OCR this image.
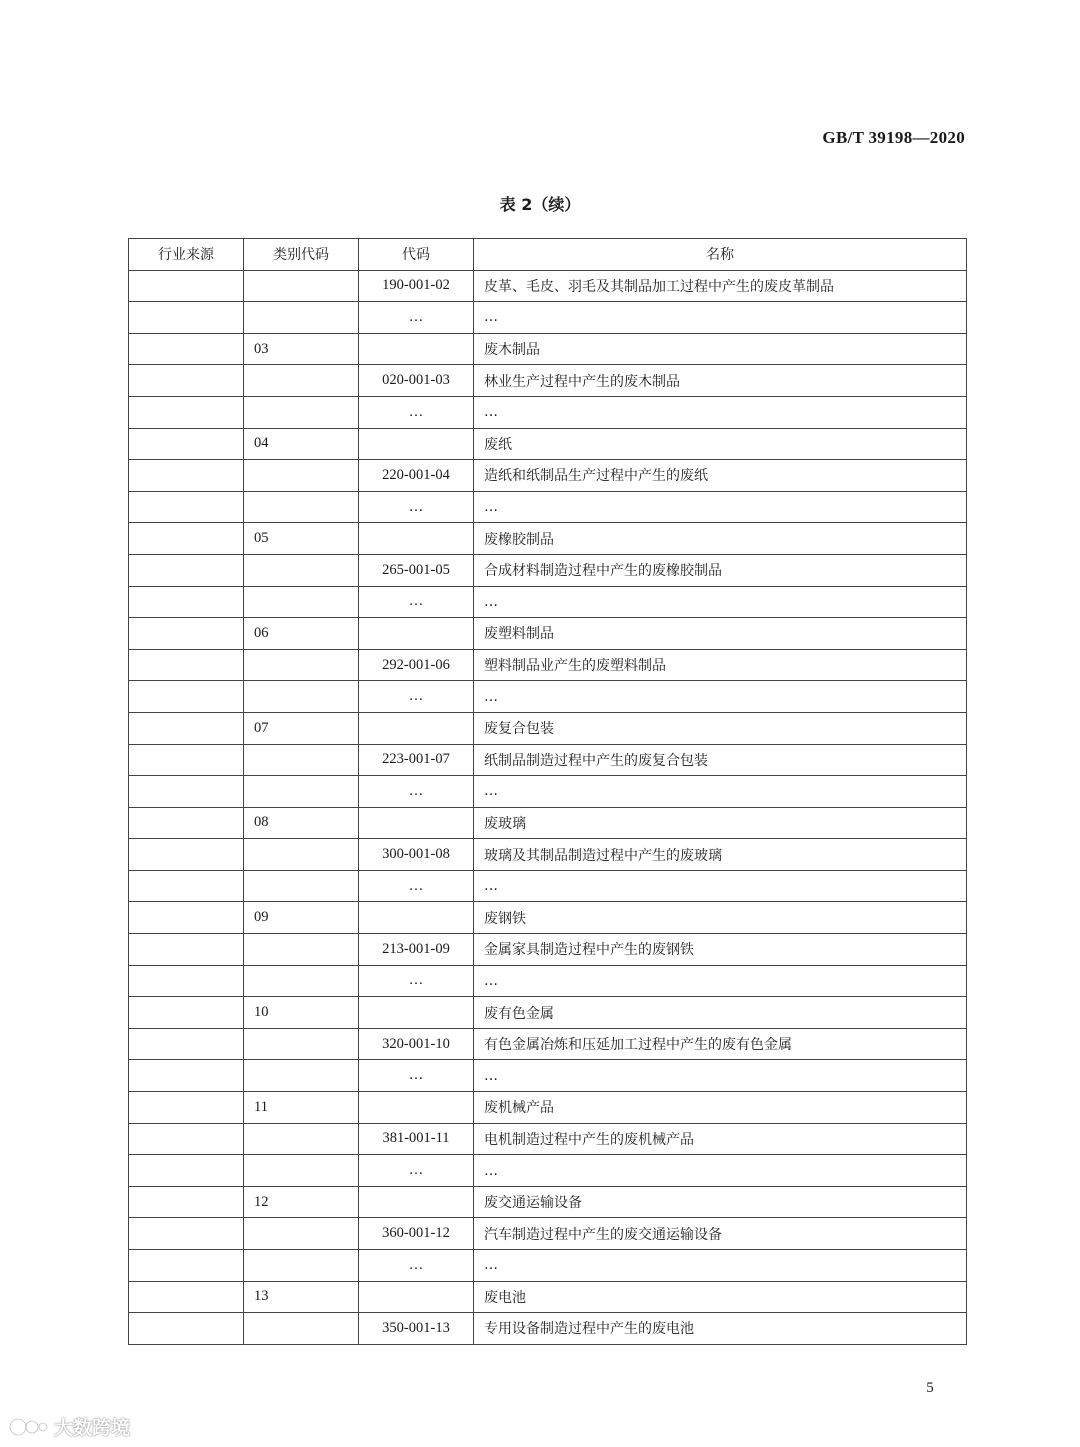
GB/T 39198—2020
表 2（续）
行业来源	类别代码	代码	名称
		190-001-02	皮革、毛皮、羽毛及其制品加工过程中产生的废皮革制品
		…	…
	03		废木制品
		020-001-03	林业生产过程中产生的废木制品
		…	…
	04		废纸
		220-001-04	造纸和纸制品生产过程中产生的废纸
		…	…
	05		废橡胶制品
		265-001-05	合成材料制造过程中产生的废橡胶制品
		…	…
	06		废塑料制品
		292-001-06	塑料制品业产生的废塑料制品
		…	…
	07		废复合包装
		223-001-07	纸制品制造过程中产生的废复合包装
		…	…
	08		废玻璃
		300-001-08	玻璃及其制品制造过程中产生的废玻璃
		…	…
	09		废钢铁
		213-001-09	金属家具制造过程中产生的废钢铁
		…	…
	10		废有色金属
		320-001-10	有色金属冶炼和压延加工过程中产生的废有色金属
		…	…
	11		废机械产品
		381-001-11	电机制造过程中产生的废机械产品
		…	…
	12		废交通运输设备
		360-001-12	汽车制造过程中产生的废交通运输设备
		…	…
	13		废电池
		350-001-13	专用设备制造过程中产生的废电池
5
大数跨境
